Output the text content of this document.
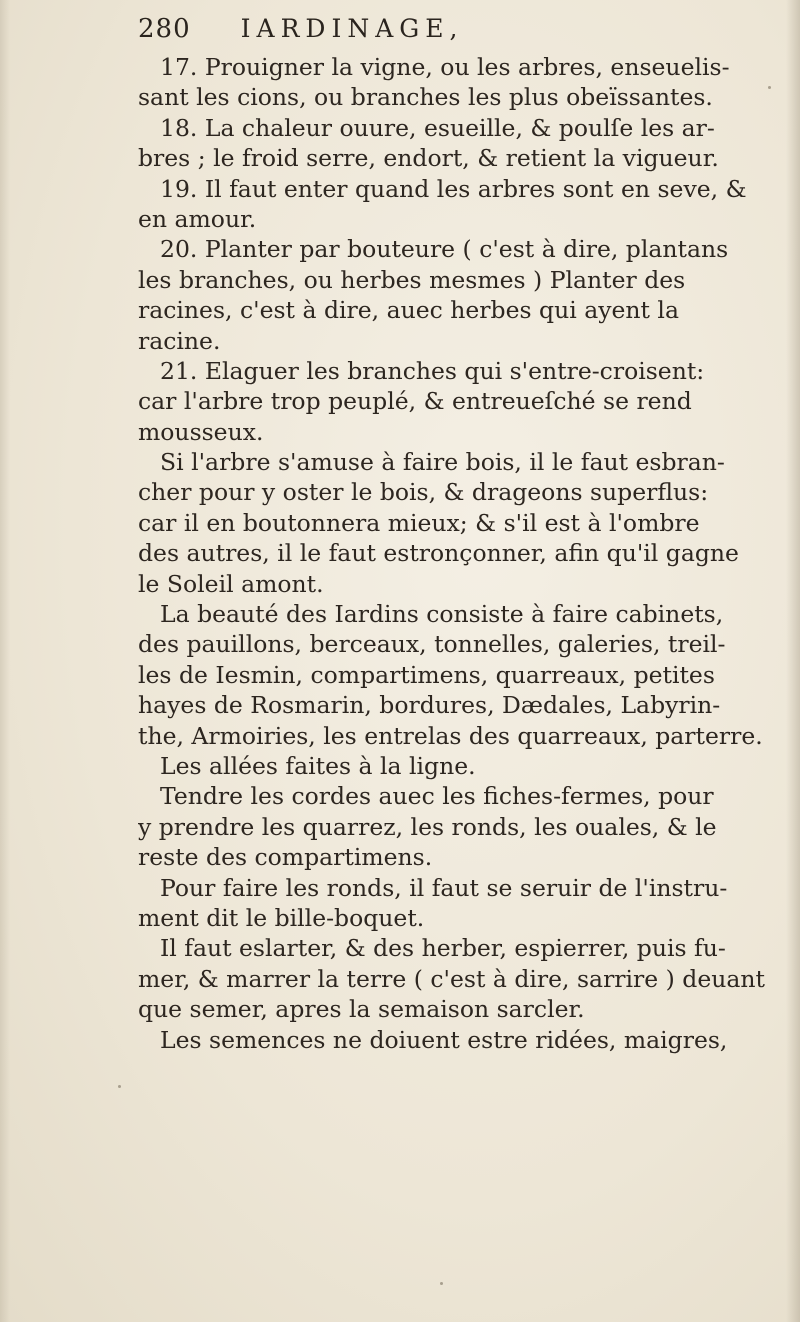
280 IARDINAGE,
17. Prouigner la vigne, ou les arbres, enseuelis-
sant les cions, ou branches les plus obeïssantes.
18. La chaleur ouure, esueille, & poulſe les ar-
bres ; le froid serre, endort, & retient la vigueur.
19. Il faut enter quand les arbres sont en seve, &
en amour.
20. Planter par bouteure ( c'est à dire, plantans
les branches, ou herbes mesmes ) Planter des
racines, c'est à dire, auec herbes qui ayent la
racine.
21. Elaguer les branches qui s'entre-croisent:
car l'arbre trop peuplé, & entreueſché se rend
mousseux.
Si l'arbre s'amuse à faire bois, il le faut esbran-
cher pour y oster le bois, & drageons superflus:
car il en boutonnera mieux; & s'il est à l'ombre
des autres, il le faut estronçonner, afin qu'il gagne
le Soleil amont.
La beauté des Iardins consiste à faire cabinets,
des pauillons, berceaux, tonnelles, galeries, treil-
les de Iesmin, compartimens, quarreaux, petites
hayes de Rosmarin, bordures, Dædales, Labyrin-
the, Armoiries, les entrelas des quarreaux, parterre.
Les allées faites à la ligne.
Tendre les cordes auec les fiches-fermes, pour
y prendre les quarrez, les ronds, les ouales, & le
reste des compartimens.
Pour faire les ronds, il faut se seruir de l'instru-
ment dit le bille-boquet.
Il faut eslarter, & des herber, espierrer, puis fu-
mer, & marrer la terre ( c'est à dire, sarrire ) deuant
que semer, apres la semaison sarcler.
Les semences ne doiuent estre ridées, maigres,
